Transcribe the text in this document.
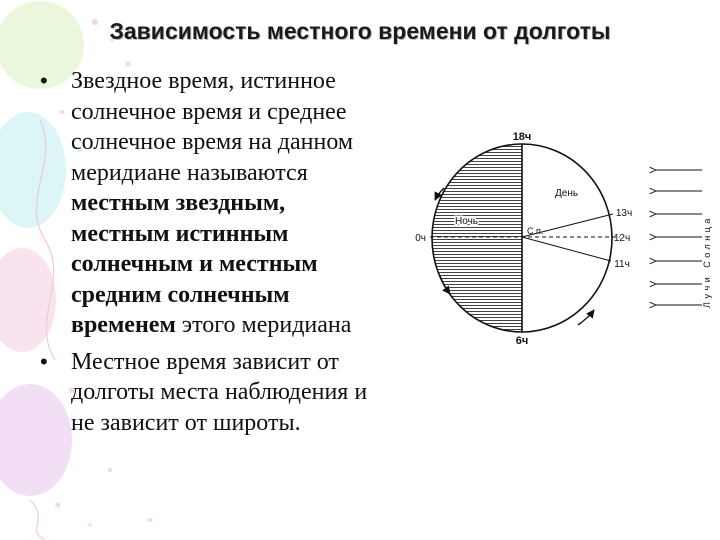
Зависимость местного времени от долготы
• Звездное время, истинное солнечное время и среднее солнечное время на данном меридиане называются местным звездным,
местным истинным
солнечным и местным
средним солнечным
временем этого меридиана
• Местное время зависит от долготы места наблюдения и не зависит от широты.
18ч
6ч
0ч
13ч
12ч
11ч
День
Ночь
С.п.	Лучи Солнца
